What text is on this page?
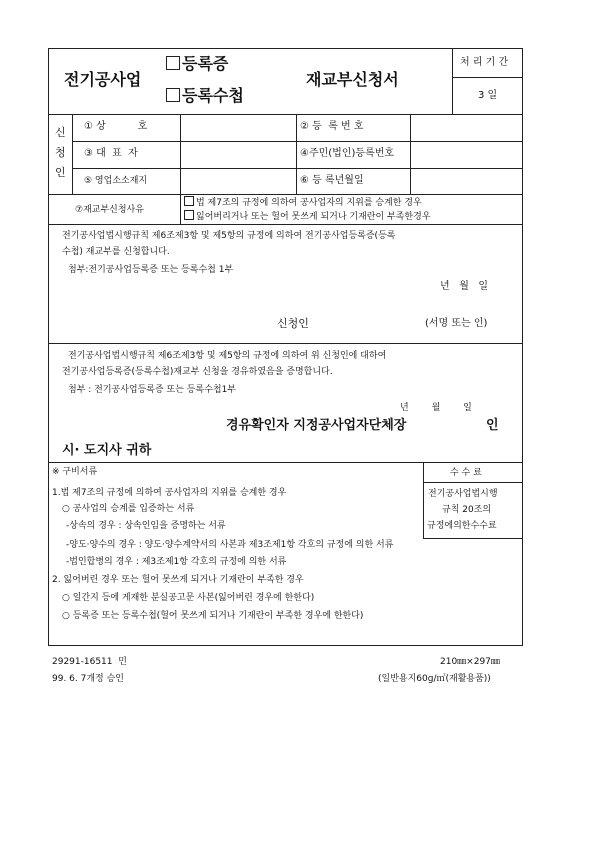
전기공사업
등록증
등록수첩
재교부신청서
처 리 기 간
3 일
신
청
인
① 상          호	② 등  록 번 호
③ 대  표  자	④주민(법인)등록번호
⑤ 영업소소재지	⑥ 등 록년월일
⑦재교부신청사유
법 제7조의 규정에 의하여 공사업자의 지위를 승계한 경우
잃어버리거나 또는 헐어 못쓰게 되거나 기재란이 부족한경우
전기공사업법시행규칙 제6조제3항 및 제5항의 규정에 의하여 전기공사업등록증(등록
수첩) 재교부를 신청합니다.
첨부:전기공사업등록증 또는 등록수첩 1부
년   월   일
신청인	(서명 또는 인)
전기공사업법시행규칙 제6조제3항 및 제5항의 규정에 의하여 위 신청인에 대하여
전기공사업등록증(등록수첩)재교부 신청을 경유하였음을 증명합니다.
첨부 : 전기공사업등록증 또는 등록수첩1부
년        월        일
경유확인자 지정공사업자단체장	인
시· 도지사 귀하
※ 구비서류
1.법 제7조의 규정에 의하여 공사업자의 지위를 승계한 경우
○ 공사업의 승계를 입증하는 서류
-상속의 경우 : 상속인임을 증명하는 서류
-양도·양수의 경우 : 양도·양수계약서의 사본과 제3조제1항 각호의 규정에 의한 서류
-법인합병의 경우 : 제3조제1항 각호의 규정에 의한 서류
2. 잃어버린 경우 또는 헐어 못쓰게 되거나 기재란이 부족한 경우
○ 일간지 등에 게재한 분실공고문 사본(잃어버린 경우에 한한다)
○ 등록증 또는 등록수첩(헐어 못쓰게 되거나 기재란이 부족한 경우에 한한다)
수 수 료
전기공사업법시행
규칙 20조의
규정에의한수수료
29291-16511  민
99. 6. 7개정 승인
210㎜×297㎜
(일반용지60g/㎡(재활용품))
